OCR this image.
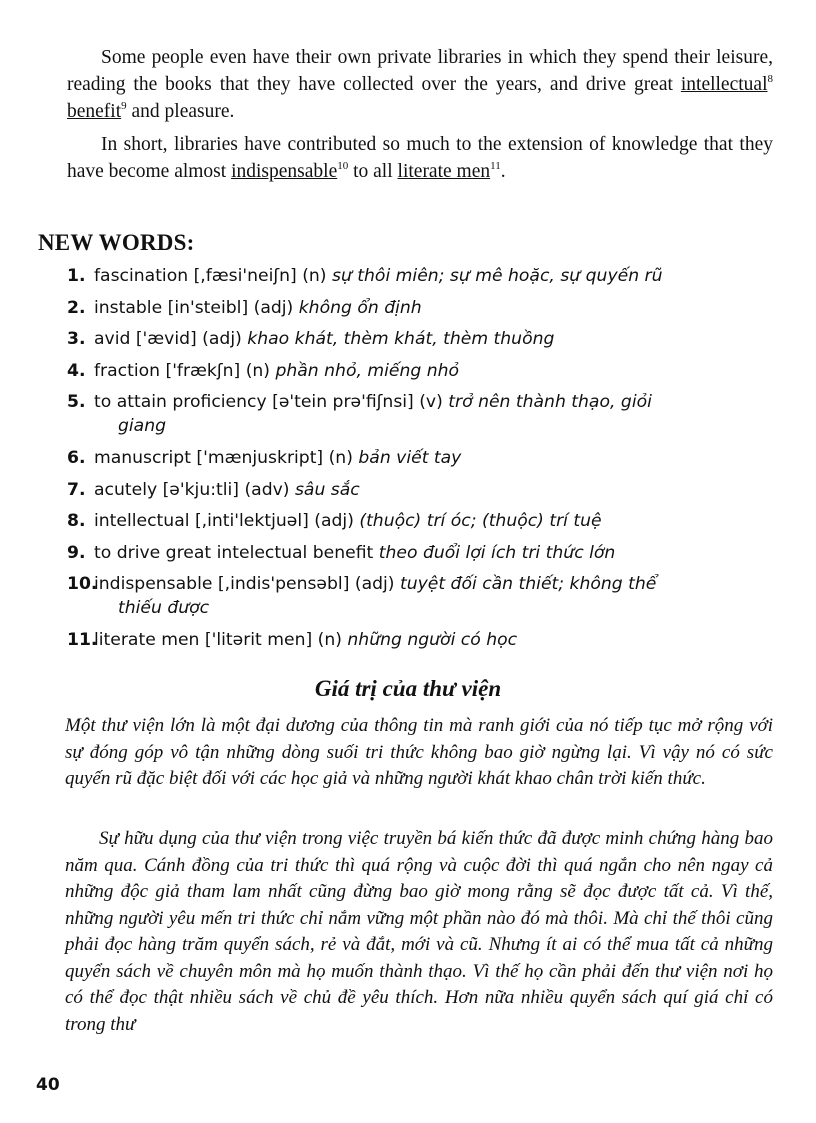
Some people even have their own private libraries in which they spend their leisure, reading the books that they have collected over the years, and drive great intellectual$^8$ benefit$^9$ and pleasure.

In short, libraries have contributed so much to the extension of knowledge that they have become almost indispensable$^{10}$ to all literate men$^{11}$.

NEW WORDS:
1. fascination [,fæsi'neiʃn] (n) sự thôi miên; sự mê hoặc, sự quyến rũ
2. instable [in'steibl] (adj) không ổn định
3. avid ['ævid] (adj) khao khát, thèm khát, thèm thuồng
4. fraction ['frækʃn] (n) phần nhỏ, miếng nhỏ
5. to attain proficiency [ə'tein prə'fiʃnsi] (v) trở nên thành thạo, giỏi
giang
6. manuscript ['mænjuskript] (n) bản viết tay
7. acutely [ə'kju:tli] (adv) sâu sắc
8. intellectual [,inti'lektjuəl] (adj) (thuộc) trí óc; (thuộc) trí tuệ
9. to drive great intelectual benefit theo đuổi lợi ích tri thức lớn
10.
indispensable [,indis'pensəbl] (adj) tuyệt đối cần thiết; không thể
thiếu được
11.
literate men ['litərit men] (n) những người có học
Giá trị của thư viện

Một thư viện lớn là một đại dương của thông tin mà ranh giới của nó tiếp tục mở rộng với sự đóng góp vô tận những dòng suối tri thức không bao giờ ngừng lại. Vì vậy nó có sức quyến rũ đặc biệt đối với các học giả và những người khát khao chân trời kiến thức.

Sự hữu dụng của thư viện trong việc truyền bá kiến thức đã được minh chứng hàng bao năm qua. Cánh đồng của tri thức thì quá rộng và cuộc đời thì quá ngắn cho nên ngay cả những độc giả tham lam nhất cũng đừng bao giờ mong rằng sẽ đọc được tất cả. Vì thế, những người yêu mến tri thức chỉ nắm vững một phần nào đó mà thôi. Mà chỉ thế thôi cũng phải đọc hàng trăm quyển sách, rẻ và đắt, mới và cũ. Nhưng ít ai có thể mua tất cả những quyển sách về chuyên môn mà họ muốn thành thạo. Vì thế họ cần phải đến thư viện nơi họ có thể đọc thật nhiều sách về chủ đề yêu thích. Hơn nữa nhiều quyển sách quí giá chỉ có trong thư

40
